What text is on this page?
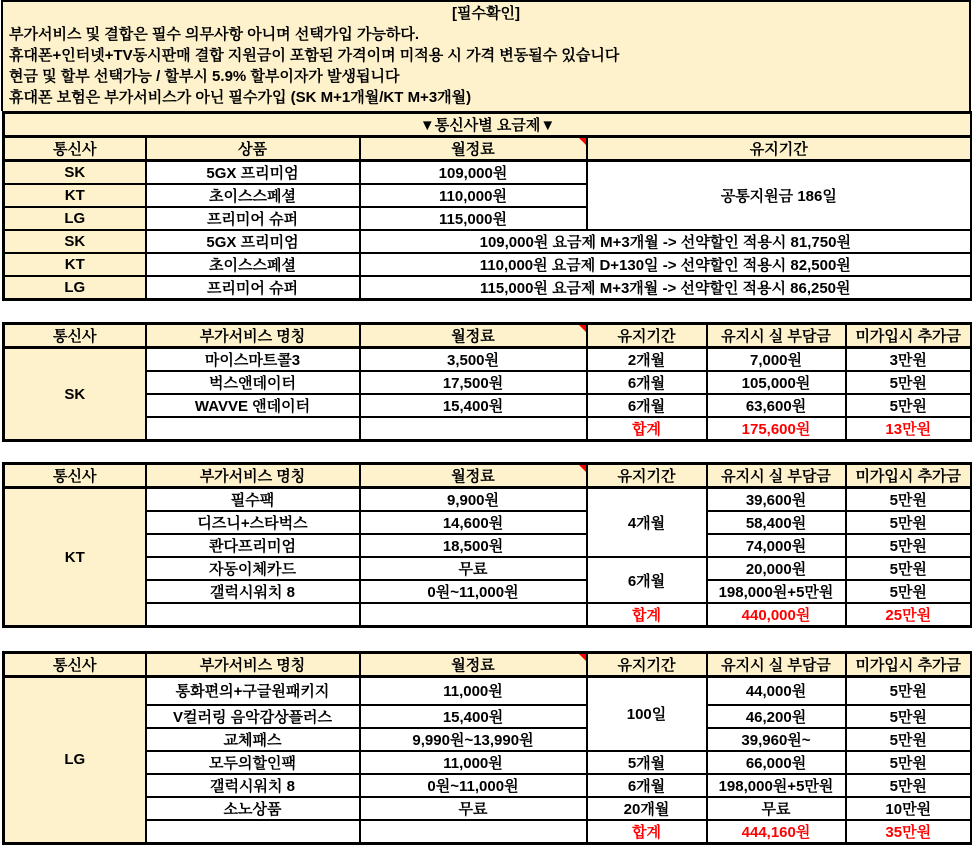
[필수확인]
부가서비스 및 결합은 필수 의무사항 아니며 선택가입 가능하다.
휴대폰+인터넷+TV동시판매 결합 지원금이 포함된 가격이며 미적용 시 가격 변동될수 있습니다
현금 및 할부 선택가능 / 할부시 5.9% 할부이자가 발생됩니다
휴대폰 보험은 부가서비스가 아닌 필수가입 (SK M+1개월/KT M+3개월)
▼통신사별 요금제▼			
통신사	상품	월정료	유지기간
SK	5GX 프리미엄	109,000원	공통지원금 186일
KT	초이스스페셜	110,000원	
LG	프리미어 슈퍼	115,000원	
SK	5GX 프리미엄	109,000원 요금제 M+3개월 -> 선약할인 적용시 81,750원	
KT	초이스스페셜	110,000원 요금제 D+130일 -> 선약할인 적용시 82,500원	
LG	프리미어 슈퍼	115,000원 요금제 M+3개월 -> 선약할인 적용시 86,250원	
통신사	부가서비스 명칭	월정료	유지기간	유지시 실 부담금	미가입시 추가금
SK	마이스마트콜3	3,500원	2개월	7,000원	3만원
	벅스앤데이터	17,500원	6개월	105,000원	5만원
	WAVVE 앤데이터	15,400원	6개월	63,600원	5만원
			합계	175,600원	13만원
통신사	부가서비스 명칭	월정료	유지기간	유지시 실 부담금	미가입시 추가금
KT	필수팩	9,900원	4개월	39,600원	5만원
	디즈니+스타벅스	14,600원		58,400원	5만원
	콴다프리미엄	18,500원		74,000원	5만원
	자동이체카드	무료	6개월	20,000원	5만원
	갤럭시워치 8	0원~11,000원		198,000원+5만원	5만원
			합계	440,000원	25만원
통신사	부가서비스 명칭	월정료	유지기간	유지시 실 부담금	미가입시 추가금
LG	통화편의+구글원패키지	11,000원	100일	44,000원	5만원
	V컬러링 음악감상플러스	15,400원		46,200원	5만원
	교체패스	9,990원~13,990원		39,960원~	5만원
	모두의할인팩	11,000원	5개월	66,000원	5만원
	갤럭시워치 8	0원~11,000원	6개월	198,000원+5만원	5만원
	소노상품	무료	20개월	무료	10만원
			합계	444,160원	35만원
